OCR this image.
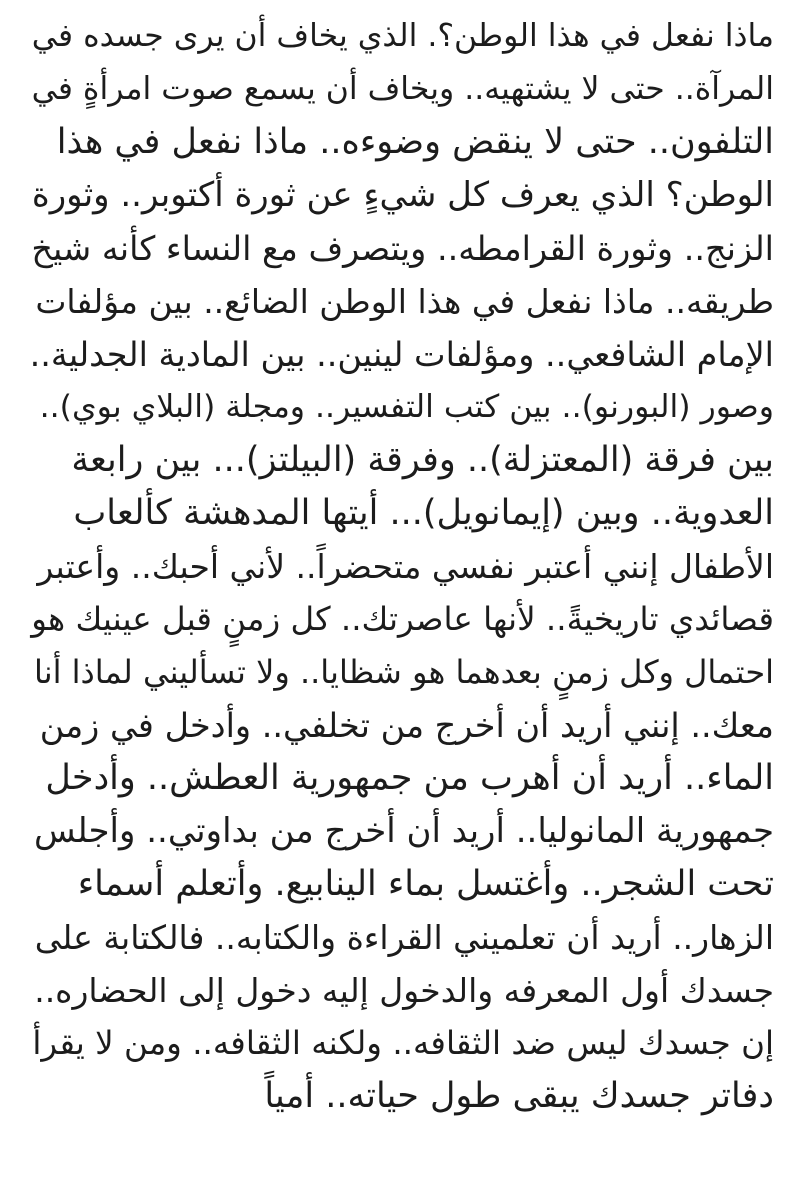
ماذا نفعل في هذا الوطن؟. الذي يخاف أن يرى جسده في
المرآة.. حتى لا يشتهيه.. ويخاف أن يسمع صوت امرأةٍ في
التلفون.. حتى لا ينقض وضوءه.. ماذا نفعل في هذا
الوطن؟ الذي يعرف كل شيءٍ عن ثورة أكتوبر.. وثورة
الزنج.. وثورة القرامطه.. ويتصرف مع النساء كأنه شيخ
طريقه.. ماذا نفعل في هذا الوطن الضائع.. بين مؤلفات
الإمام الشافعي.. ومؤلفات لينين.. بين المادية الجدلية..
وصور (البورنو).. بين كتب التفسير.. ومجلة (البلاي بوي)..
بين فرقة (المعتزلة).. وفرقة (البيلتز)... بين رابعة
العدوية.. وبين (إيمانويل)... أيتها المدهشة كألعاب
الأطفال إنني أعتبر نفسي متحضراً.. لأني أحبك.. وأعتبر
قصائدي تاريخيةً.. لأنها عاصرتك.. كل زمنٍ قبل عينيك هو
احتمال وكل زمنٍ بعدهما هو شظايا.. ولا تسأليني لماذا أنا
معك.. إنني أريد أن أخرج من تخلفي.. وأدخل في زمن
الماء.. أريد أن أهرب من جمهورية العطش.. وأدخل
جمهورية المانوليا.. أريد أن أخرج من بداوتي.. وأجلس
تحت الشجر.. وأغتسل بماء الينابيع. وأتعلم أسماء
الزهار.. أريد أن تعلميني القراءة والكتابه.. فالكتابة على
جسدك أول المعرفه والدخول إليه دخول إلى الحضاره..
إن جسدك ليس ضد الثقافه.. ولكنه الثقافه.. ومن لا يقرأ
دفاتر جسدك يبقى طول حياته.. أمياً
